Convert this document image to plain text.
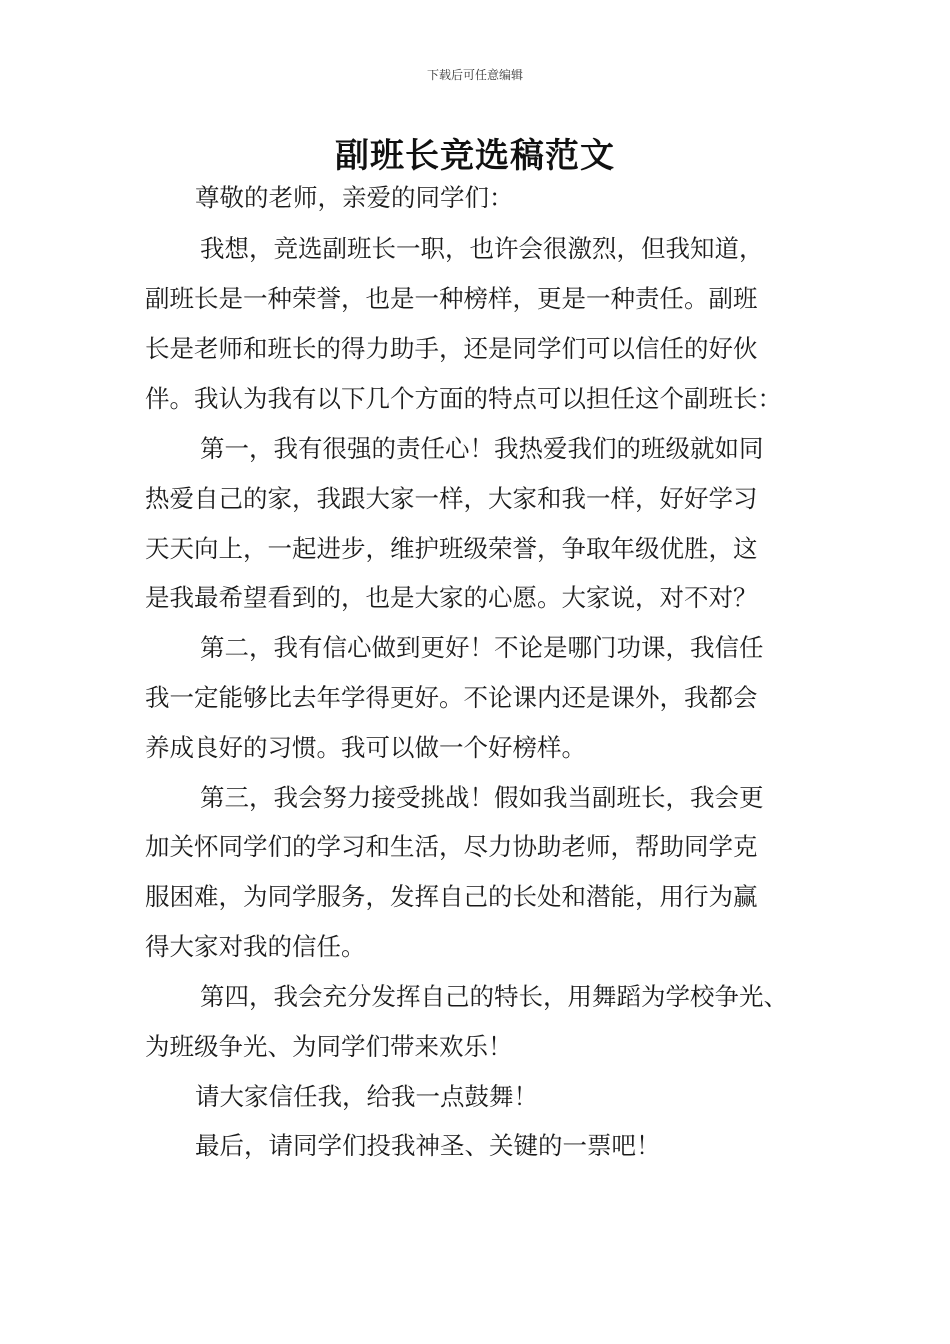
下载后可任意编辑
副班长竞选稿范文
尊敬的老师，亲爱的同学们：
我想，竞选副班长一职，也许会很激烈，但我知道，
副班长是一种荣誉，也是一种榜样，更是一种责任。副班
长是老师和班长的得力助手，还是同学们可以信任的好伙
伴。我认为我有以下几个方面的特点可以担任这个副班长：
第一，我有很强的责任心！我热爱我们的班级就如同
热爱自己的家，我跟大家一样，大家和我一样，好好学习
天天向上，一起进步，维护班级荣誉，争取年级优胜，这
是我最希望看到的，也是大家的心愿。大家说，对不对？
第二，我有信心做到更好！不论是哪门功课，我信任
我一定能够比去年学得更好。不论课内还是课外，我都会
养成良好的习惯。我可以做一个好榜样。
第三，我会努力接受挑战！假如我当副班长，我会更
加关怀同学们的学习和生活，尽力协助老师，帮助同学克
服困难，为同学服务，发挥自己的长处和潜能，用行为赢
得大家对我的信任。
第四，我会充分发挥自己的特长，用舞蹈为学校争光、
为班级争光、为同学们带来欢乐！
请大家信任我，给我一点鼓舞！
最后，请同学们投我神圣、关键的一票吧！
